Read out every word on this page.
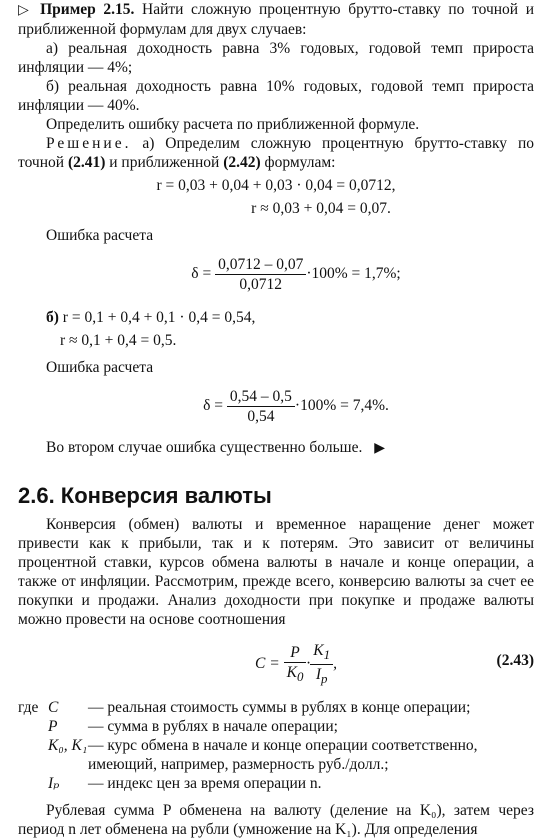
▷ Пример 2.15. Найти сложную процентную брутто-ставку по точной и приближенной формулам для двух случаев:

а) реальная доходность равна 3% годовых, годовой темп прироста инфляции — 4%;

б) реальная доходность равна 10% годовых, годовой темп прироста инфляции — 40%.

Определить ошибку расчета по приближенной формуле.

Решение. а) Определим сложную процентную брутто-ставку по точной (2.41) и приближенной (2.42) формулам:

r = 0,03 + 0,04 + 0,03 · 0,04 = 0,0712,

r ≈ 0,03 + 0,04 = 0,07.

Ошибка расчета

$\delta = \frac{0,0712 - 0,07}{0,0712} \cdot 100\% = 1,7\%$;

б) r = 0,1 + 0,4 + 0,1 · 0,4 = 0,54,

r ≈ 0,1 + 0,4 = 0,5.

Ошибка расчета

$\delta = \frac{0,54 - 0,5}{0,54} \cdot 100\% = 7,4\%$.

Во втором случае ошибка существенно больше. ▶

2.6. Конверсия валюты

Конверсия (обмен) валюты и временное наращение денег может привести как к прибыли, так и к потерям. Это зависит от величины процентной ставки, курсов обмена валюты в начале и конце операции, а также от инфляции. Рассмотрим, прежде всего, конверсию валюты за счет ее покупки и продажи. Анализ доходности при покупке и продаже валюты можно провести на основе соотношения

$C = \frac{P}{K_0} \cdot \frac{K_1}{I_p}$ ,	(2.43)
где	C	— реальная стоимость суммы в рублях в конце операции;
	P	— сумма в рублях в начале операции;
	K₀, K₁	— курс обмена в начале и конце операции соответственно, имеющий, например, размерность руб./долл.;
	Iₚ	— индекс цен за время операции n.

Рублевая сумма P обменена на валюту (деление на K₀), затем через период n лет обменена на рубли (умножение на K₁). Для определения
